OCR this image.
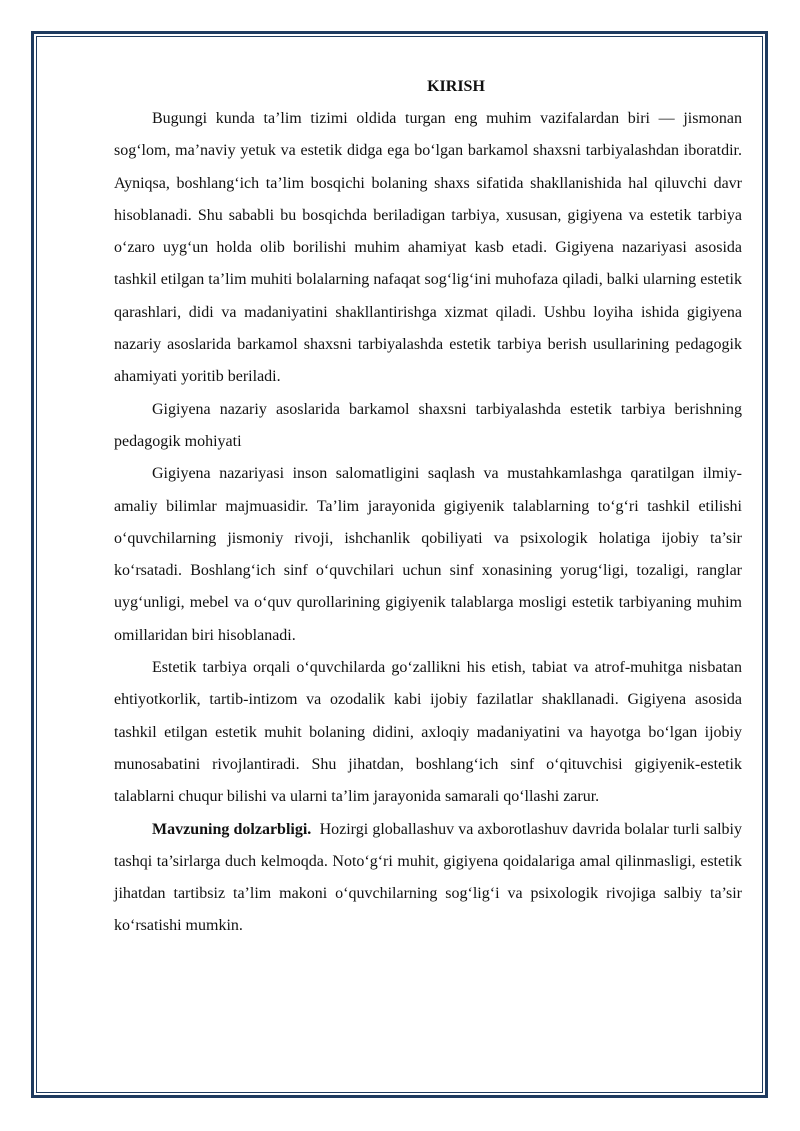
KIRISH

Bugungi kunda ta’lim tizimi oldida turgan eng muhim vazifalardan biri — jismonan sog‘lom, ma’naviy yetuk va estetik didga ega bo‘lgan barkamol shaxsni tarbiyalashdan iboratdir. Ayniqsa, boshlang‘ich ta’lim bosqichi bolaning shaxs sifatida shakllanishida hal qiluvchi davr hisoblanadi. Shu sababli bu bosqichda beriladigan tarbiya, xususan, gigiyena va estetik tarbiya o‘zaro uyg‘un holda olib borilishi muhim ahamiyat kasb etadi. Gigiyena nazariyasi asosida tashkil etilgan ta’lim muhiti bolalarning nafaqat sog‘lig‘ini muhofaza qiladi, balki ularning estetik qarashlari, didi va madaniyatini shakllantirishga xizmat qiladi. Ushbu loyiha ishida gigiyena nazariy asoslarida barkamol shaxsni tarbiyalashda estetik tarbiya berish usullarining pedagogik ahamiyati yoritib beriladi.

Gigiyena nazariy asoslarida barkamol shaxsni tarbiyalashda estetik tarbiya berishning pedagogik mohiyati

Gigiyena nazariyasi inson salomatligini saqlash va mustahkamlashga qaratilgan ilmiy-amaliy bilimlar majmuasidir. Ta’lim jarayonida gigiyenik talablarning to‘g‘ri tashkil etilishi o‘quvchilarning jismoniy rivoji, ishchanlik qobiliyati va psixologik holatiga ijobiy ta’sir ko‘rsatadi. Boshlang‘ich sinf o‘quvchilari uchun sinf xonasining yorug‘ligi, tozaligi, ranglar uyg‘unligi, mebel va o‘quv qurollarining gigiyenik talablarga mosligi estetik tarbiyaning muhim omillaridan biri hisoblanadi.

Estetik tarbiya orqali o‘quvchilarda go‘zallikni his etish, tabiat va atrof-muhitga nisbatan ehtiyotkorlik, tartib-intizom va ozodalik kabi ijobiy fazilatlar shakllanadi. Gigiyena asosida tashkil etilgan estetik muhit bolaning didini, axloqiy madaniyatini va hayotga bo‘lgan ijobiy munosabatini rivojlantiradi. Shu jihatdan, boshlang‘ich sinf o‘qituvchisi gigiyenik-estetik talablarni chuqur bilishi va ularni ta’lim jarayonida samarali qo‘llashi zarur.

Mavzuning dolzarbligi. Hozirgi globallashuv va axborotlashuv davrida bolalar turli salbiy tashqi ta’sirlarga duch kelmoqda. Noto‘g‘ri muhit, gigiyena qoidalariga amal qilinmasligi, estetik jihatdan tartibsiz ta’lim makoni o‘quvchilarning sog‘lig‘i va psixologik rivojiga salbiy ta’sir ko‘rsatishi mumkin.
